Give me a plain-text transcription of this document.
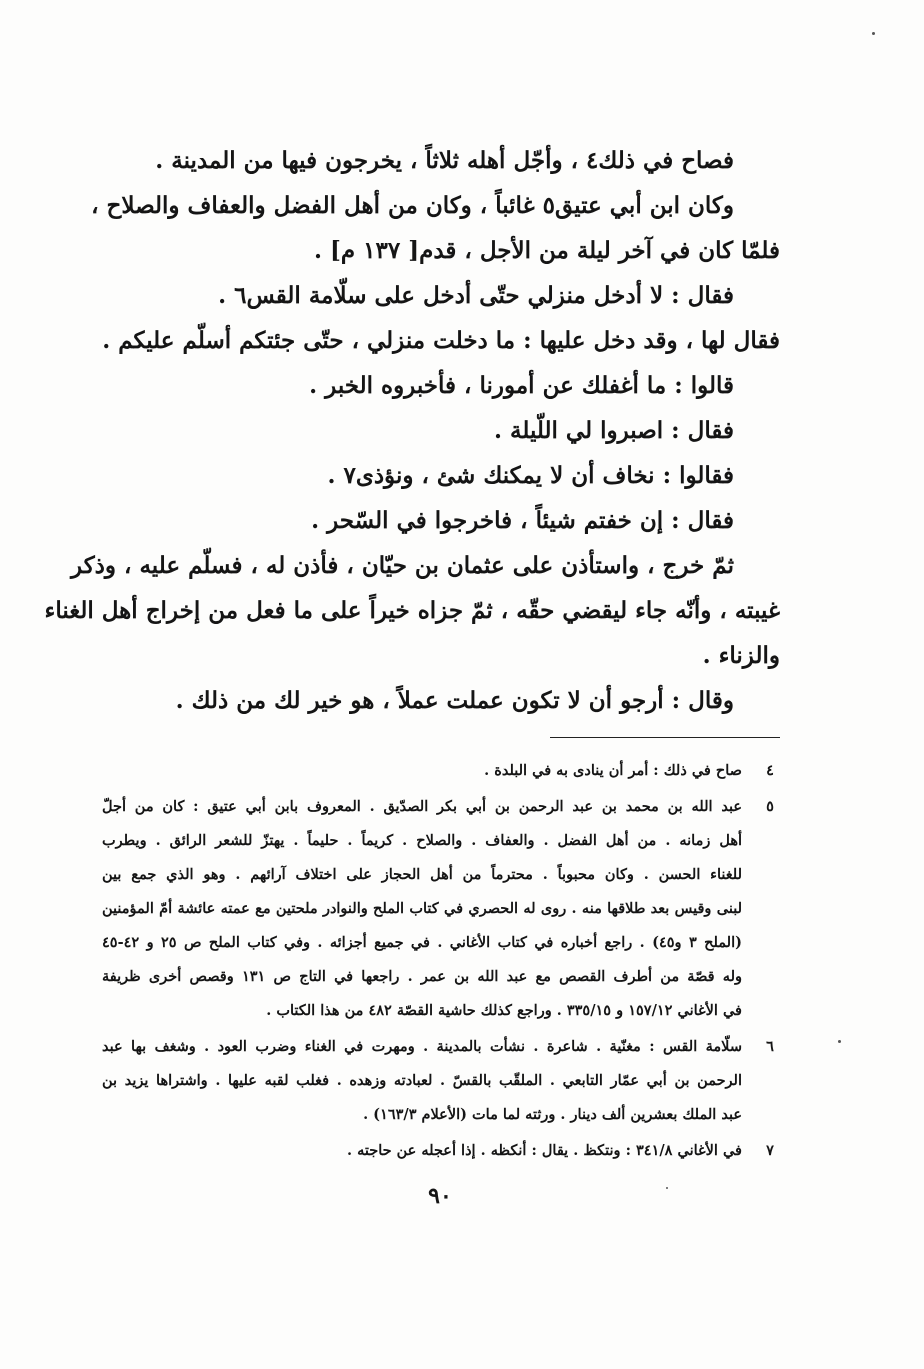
فصاح في ذلك٤ ، وأجّل أهله ثلاثاً ، يخرجون فيها من المدينة .
وكان ابن أبي عتيق٥ غائباً ، وكان من أهل الفضل والعفاف والصلاح ،
فلمّا كان في آخر ليلة من الأجل ، قدم[ ١٣٧ م] .
فقال : لا أدخل منزلي حتّى أدخل على سلّامة القس٦ .
فقال لها ، وقد دخل عليها : ما دخلت منزلي ، حتّى جئتكم أسلّم عليكم .
قالوا : ما أغفلك عن أمورنا ، فأخبروه الخبر .
فقال : اصبروا لي اللّيلة .
فقالوا : نخاف أن لا يمكنك شئ ، ونؤذى٧ .
فقال : إن خفتم شيئاً ، فاخرجوا في السّحر .
ثمّ خرج ، واستأذن على عثمان بن حيّان ، فأذن له ، فسلّم عليه ، وذكر
غيبته ، وأنّه جاء ليقضي حقّه ، ثمّ جزاه خيراً على ما فعل من إخراج أهل الغناء
والزناء .
وقال : أرجو أن لا تكون عملت عملاً ، هو خير لك من ذلك .
٤
صاح في ذلك : أمر أن ينادى به في البلدة .
٥
عبد الله بن محمد بن عبد الرحمن بن أبي بكر الصدّيق . المعروف بابن أبي عتيق : كان من أجلّ
أهل زمانه . من أهل الفضل . والعفاف . والصلاح . كريماً . حليماً . يهتزّ للشعر الرائق . ويطرب
للغناء الحسن . وكان محبوباً . محترماً من أهل الحجاز على اختلاف آرائهم . وهو الذي جمع بين
لبنى وقيس بعد طلاقها منه . روى له الحصري في كتاب الملح والنوادر ملحتين مع عمته عائشة أمّ المؤمنين
(الملح ٣ و٤٥) . راجع أخباره في كتاب الأغاني . في جميع أجزائه . وفي كتاب الملح ص ٢٥ و ٤٢-٤٥
وله قصّة من أطرف القصص مع عبد الله بن عمر . راجعها في التاج ص ١٣١ وقصص أخرى ظريفة
في الأغاني ١٥٧/١٢ و ٣٣٥/١٥ . وراجع كذلك حاشية القصّة ٤٨٢ من هذا الكتاب .
٦
سلّامة القس : مغنّية . شاعرة . نشأت بالمدينة . ومهرت في الغناء وضرب العود . وشغف بها عبد
الرحمن بن أبي عمّار التابعي . الملقّب بالقسّ . لعبادته وزهده . فغلب لقبه عليها . واشتراها يزيد بن
عبد الملك بعشرين ألف دينار . ورثته لما مات (الأعلام ١٦٣/٣) .
٧
في الأغاني ٣٤١/٨ : ونتكظ . يقال : أنكظه . إذا أعجله عن حاجته .
٩٠
